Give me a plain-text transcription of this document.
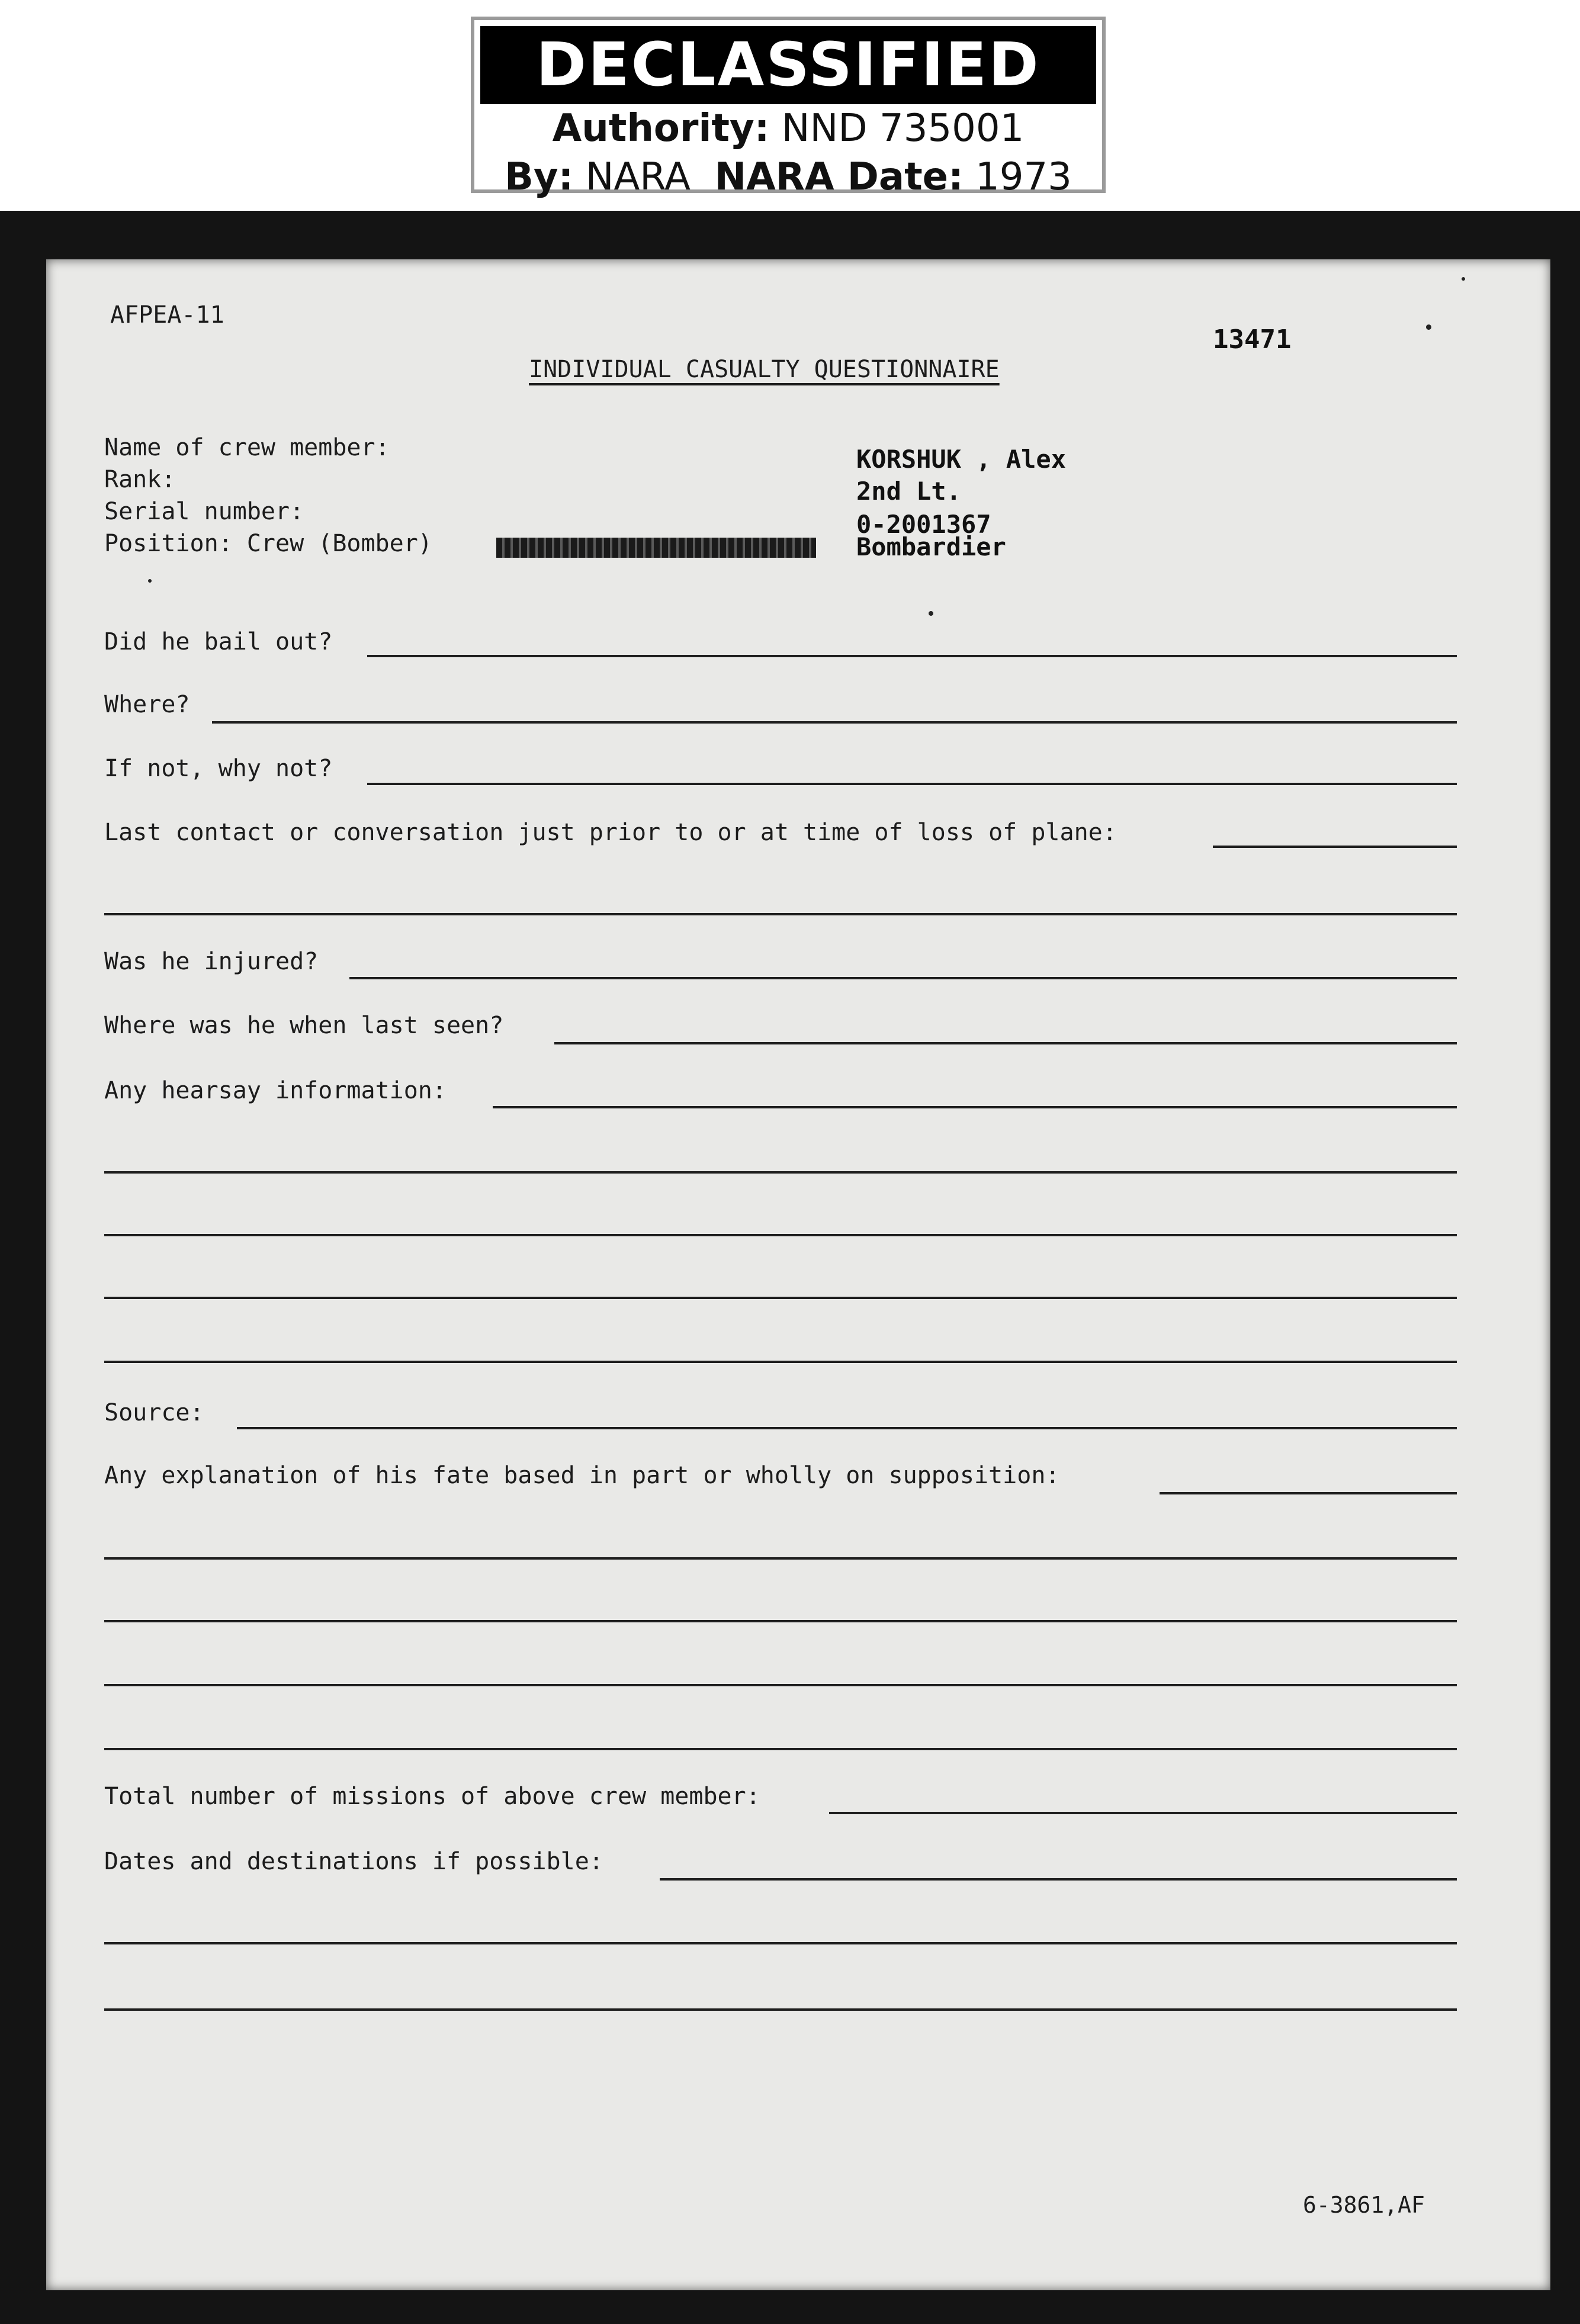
DECLASSIFIED
Authority: NND 735001
By: NARA NARA Date: 1973
AFPEA-11
13471
INDIVIDUAL CASUALTY QUESTIONNAIRE
Name of crew member:
Rank:
Serial number:
Position: Crew (Bomber)
KORSHUK , Alex
2nd Lt.
0-2001367
Bombardier
Did he bail out?
Where?
If not, why not?
Last contact or conversation just prior to or at time of loss of plane:
Was he injured?
Where was he when last seen?
Any hearsay information:
Source:
Any explanation of his fate based in part or wholly on supposition:
Total number of missions of above crew member:
Dates and destinations if possible:
6-3861,AF
